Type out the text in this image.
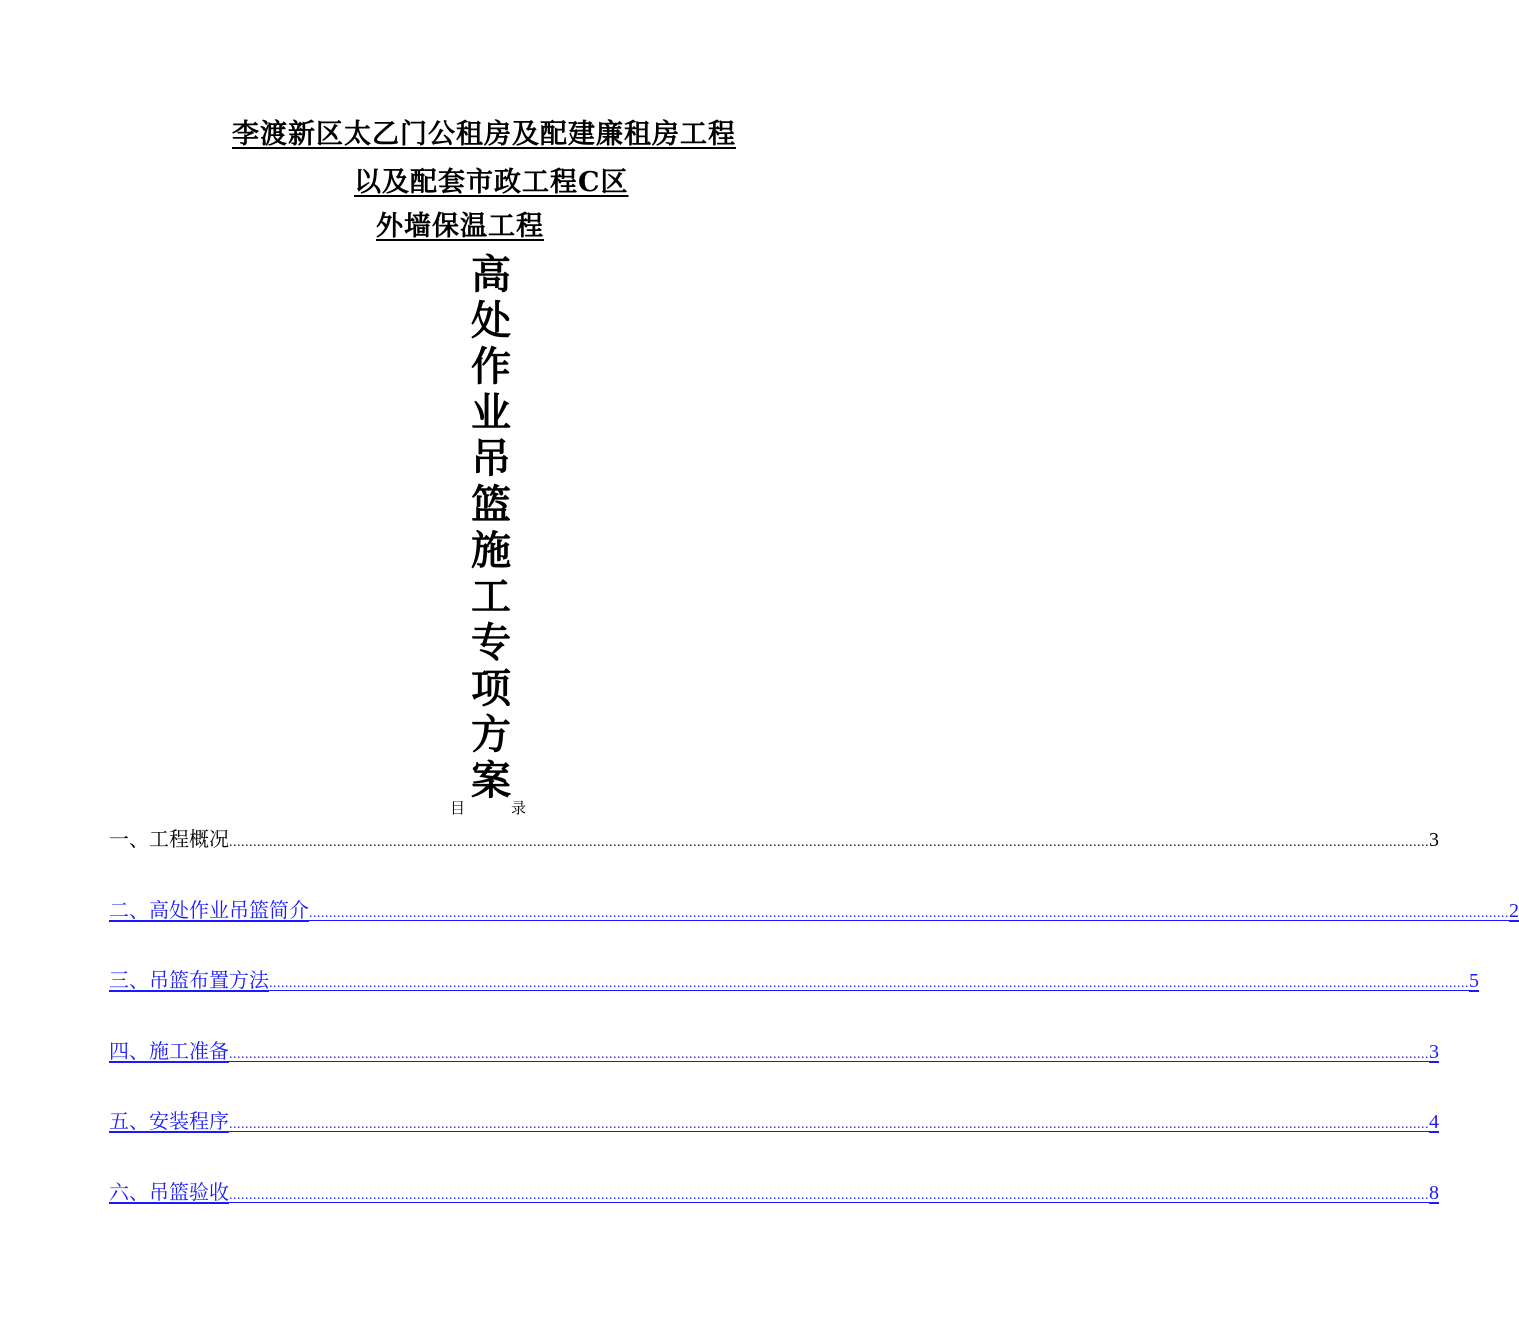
李渡新区太乙门公租房及配建廉租房工程
以及配套市政工程C区
外墙保温工程
高
处
作
业
吊
篮
施
工
专
项
方
案
目	录
一、工程概况 ............................................................................................................................................................................................................................................................................................................ 3
二、高处作业吊篮简介 ............................................................................................................................................................................................................................................................................................................ 2
三、吊篮布置方法 ............................................................................................................................................................................................................................................................................................................ 5
四、施工准备 ............................................................................................................................................................................................................................................................................................................ 3
五、安装程序 ............................................................................................................................................................................................................................................................................................................ 4
六、吊篮验收 ............................................................................................................................................................................................................................................................................................................ 8
